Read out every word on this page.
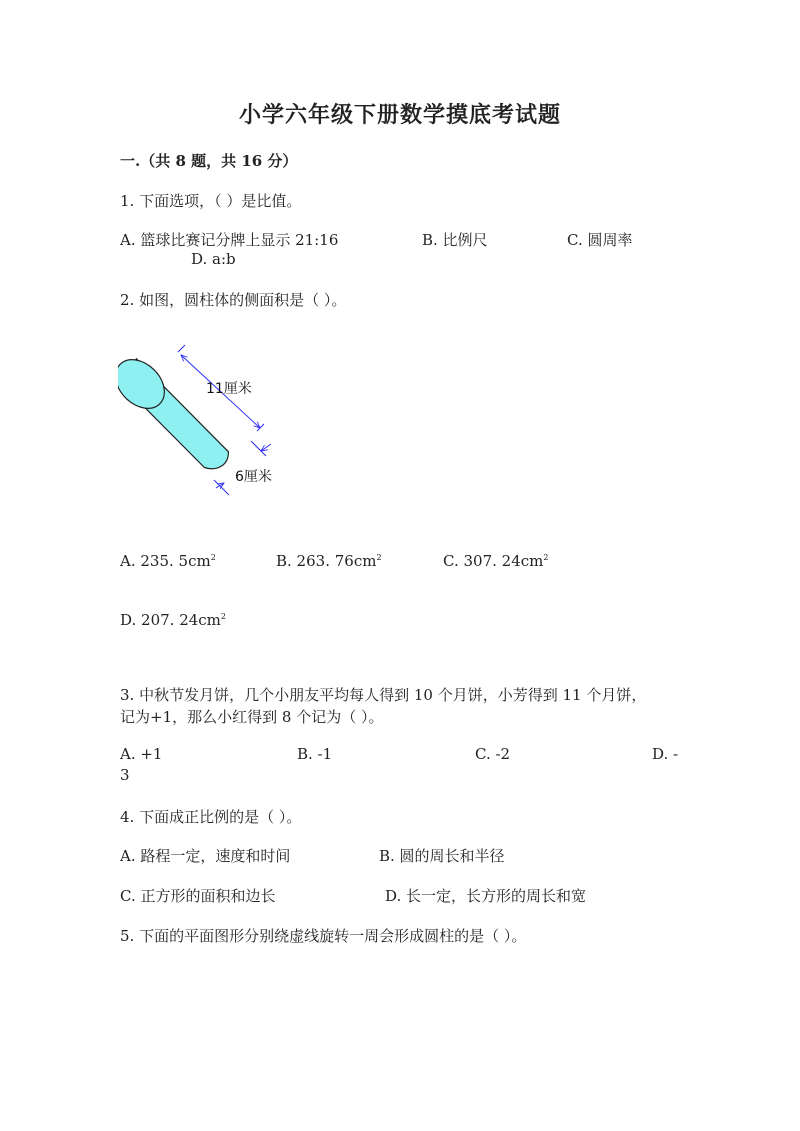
小学六年级下册数学摸底考试题
一.（共 8 题，共 16 分）
1. 下面选项，（ ）是比值。
A. 篮球比赛记分牌上显示 21:16	B. 比例尺	C. 圆周率
D. a:b
2. 如图，圆柱体的侧面积是（ ）。
11厘米
6厘米
A. 235. $5cm^2$	B. 263. $76cm^2$	C. 307. $24cm^2$
D. 207. $24cm^2$
3. 中秋节发月饼，几个小朋友平均每人得到 10 个月饼，小芳得到 11 个月饼，
记为+1，那么小红得到 8 个记为（ ）。
A. +1	B. -1	C. -2	D. -
3
4. 下面成正比例的是（ ）。
A. 路程一定，速度和时间	B. 圆的周长和半径
C. 正方形的面积和边长	D. 长一定，长方形的周长和宽
5. 下面的平面图形分别绕虚线旋转一周会形成圆柱的是（ ）。
